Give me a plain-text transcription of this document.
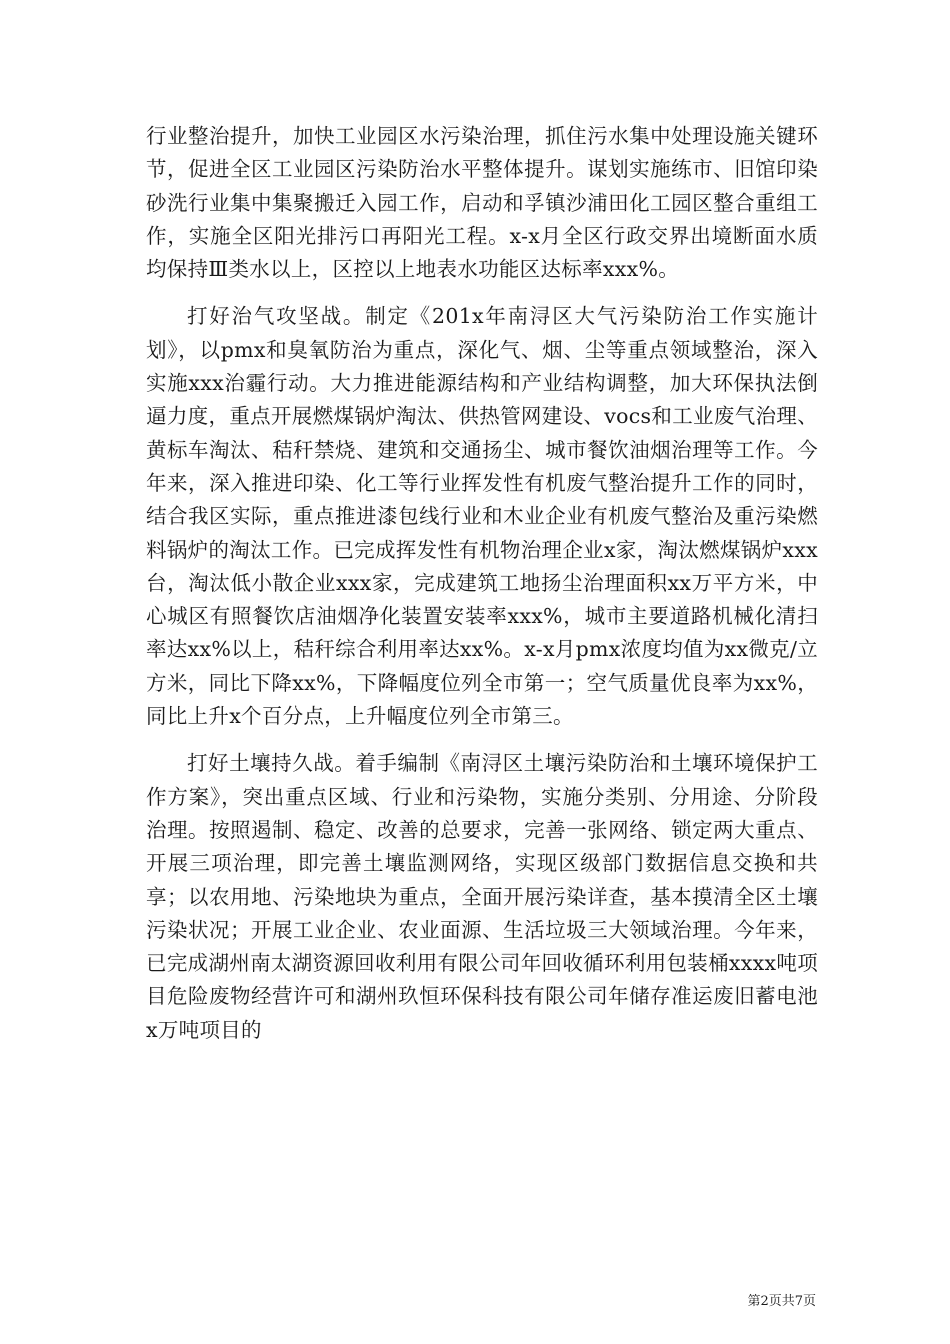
行业整治提升，加快工业园区水污染治理，抓住污水集中处理设施关键环节，促进全区工业园区污染防治水平整体提升。谋划实施练市、旧馆印染砂洗行业集中集聚搬迁入园工作，启动和孚镇沙浦田化工园区整合重组工作，实施全区阳光排污口再阳光工程。x-x月全区行政交界出境断面水质均保持Ⅲ类水以上，区控以上地表水功能区达标率xxx%。

打好治气攻坚战。制定《201x年南浔区大气污染防治工作实施计划》，以pmx和臭氧防治为重点，深化气、烟、尘等重点领域整治，深入实施xxx治霾行动。大力推进能源结构和产业结构调整，加大环保执法倒逼力度，重点开展燃煤锅炉淘汰、供热管网建设、vocs和工业废气治理、黄标车淘汰、秸秆禁烧、建筑和交通扬尘、城市餐饮油烟治理等工作。今年来，深入推进印染、化工等行业挥发性有机废气整治提升工作的同时，结合我区实际，重点推进漆包线行业和木业企业有机废气整治及重污染燃料锅炉的淘汰工作。已完成挥发性有机物治理企业x家，淘汰燃煤锅炉xxx台，淘汰低小散企业xxx家，完成建筑工地扬尘治理面积xx万平方米，中心城区有照餐饮店油烟净化装置安装率xxx%，城市主要道路机械化清扫率达xx%以上，秸秆综合利用率达xx%。x-x月pmx浓度均值为xx微克/立方米，同比下降xx%，下降幅度位列全市第一；空气质量优良率为xx%，同比上升x个百分点，上升幅度位列全市第三。

打好土壤持久战。着手编制《南浔区土壤污染防治和土壤环境保护工作方案》，突出重点区域、行业和污染物，实施分类别、分用途、分阶段治理。按照遏制、稳定、改善的总要求，完善一张网络、锁定两大重点、开展三项治理，即完善土壤监测网络，实现区级部门数据信息交换和共享；以农用地、污染地块为重点，全面开展污染详查，基本摸清全区土壤污染状况；开展工业企业、农业面源、生活垃圾三大领域治理。今年来，已完成湖州南太湖资源回收利用有限公司年回收循环利用包装桶xxxx吨项目危险废物经营许可和湖州玖恒环保科技有限公司年储存准运废旧蓄电池x万吨项目的

第2页共7页
